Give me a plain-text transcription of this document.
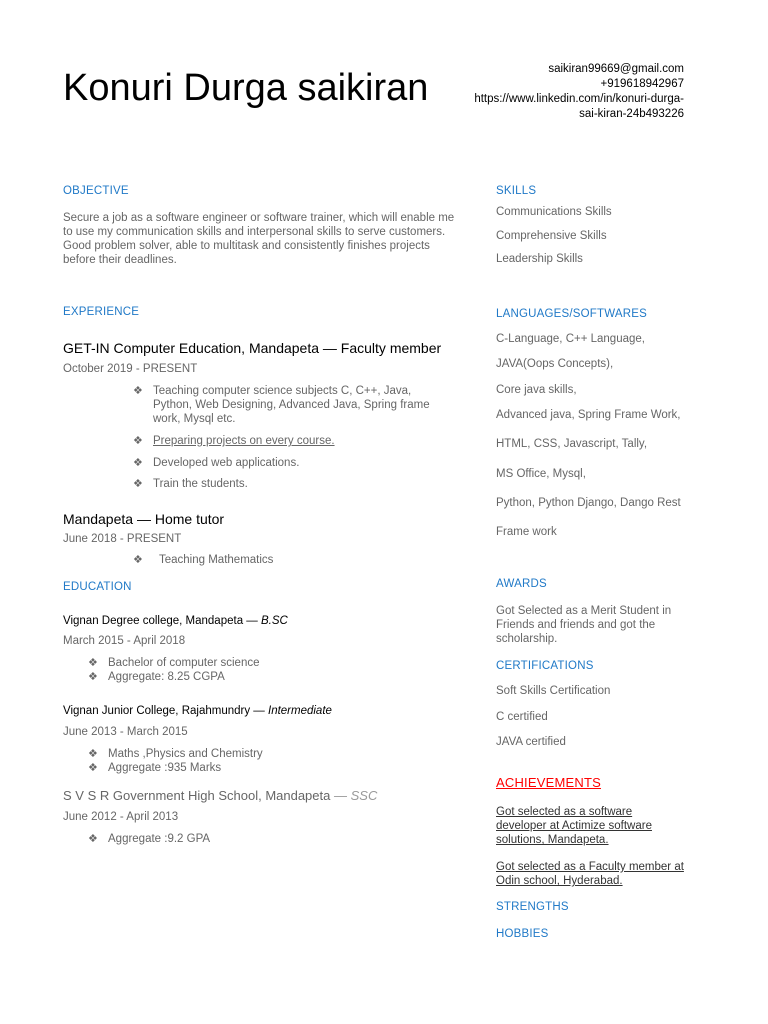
Konuri Durga saikiran	saikiran99669@gmail.com
+919618942967
https://www.linkedin.com/in/konuri-durga-sai-kiran-24b493226
OBJECTIVE
Secure a job as a software engineer or software trainer, which will enable me to use my communication skills and interpersonal skills to serve customers. Good problem solver, able to multitask and consistently finishes projects before their deadlines.
EXPERIENCE
GET-IN Computer Education, Mandapeta — Faculty member
October 2019 - PRESENT
❖ Teaching computer science subjects C, C++, Java, Python, Web Designing, Advanced Java, Spring frame work, Mysql etc.
❖ Preparing projects on every course.
❖ Developed web applications.
❖ Train the students.
Mandapeta — Home tutor
June 2018 - PRESENT
❖	Teaching Mathematics
EDUCATION
Vignan Degree college, Mandapeta — B.SC
March 2015 - April 2018
❖ Bachelor of computer science
❖ Aggregate: 8.25 CGPA
Vignan Junior College, Rajahmundry — Intermediate
June 2013 - March 2015
❖ Maths ,Physics and Chemistry
❖ Aggregate :935 Marks
S V S R Government High School, Mandapeta — SSC
June 2012 - April 2013
❖ Aggregate :9.2 GPA
SKILLS
Communications Skills
Comprehensive Skills
Leadership Skills
LANGUAGES/SOFTWARES
C-Language, C++ Language,
JAVA(Oops Concepts),
Core java skills,
Advanced java, Spring Frame Work,
HTML, CSS, Javascript, Tally,
MS Office, Mysql,
Python, Python Django, Dango Rest
Frame work
AWARDS
Got Selected as a Merit Student in Friends and friends and got the scholarship.
CERTIFICATIONS
Soft Skills Certification
C certified
JAVA certified
ACHIEVEMENTS
Got selected as a software developer at Actimize software solutions, Mandapeta.
Got selected as a Faculty member at Odin school, Hyderabad.
STRENGTHS
HOBBIES
